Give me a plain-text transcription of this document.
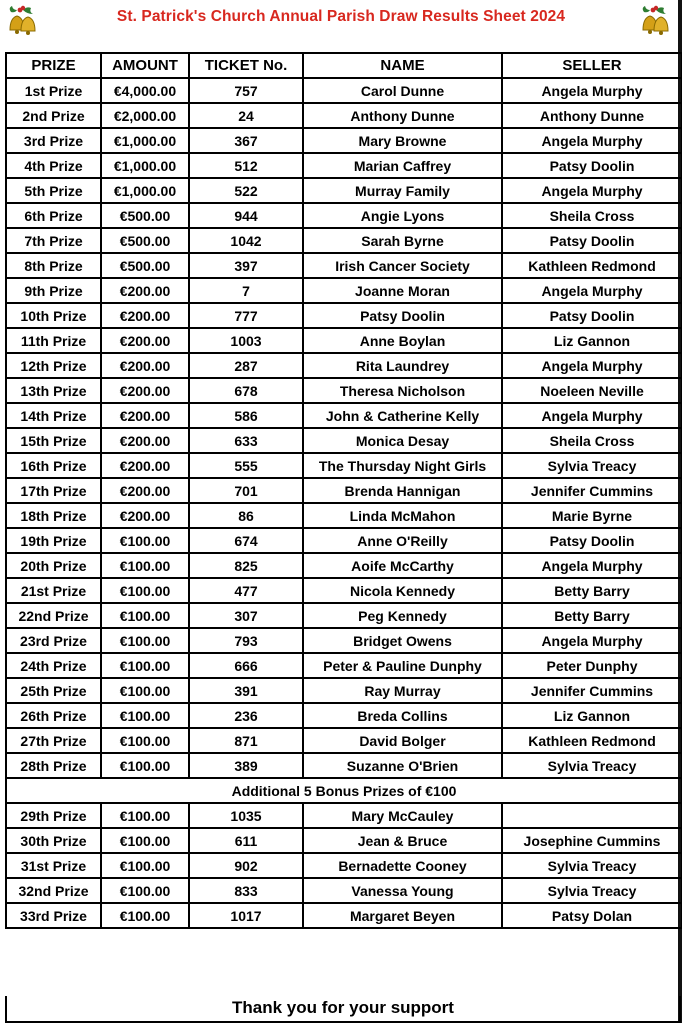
St. Patrick's Church Annual Parish Draw Results Sheet 2024
PRIZE	AMOUNT	TICKET No.	NAME	SELLER
1st Prize	€4,000.00	757	Carol Dunne	Angela Murphy
2nd Prize	€2,000.00	24	Anthony Dunne	Anthony Dunne
3rd Prize	€1,000.00	367	Mary Browne	Angela Murphy
4th Prize	€1,000.00	512	Marian Caffrey	Patsy Doolin
5th Prize	€1,000.00	522	Murray Family	Angela Murphy
6th Prize	€500.00	944	Angie Lyons	Sheila Cross
7th Prize	€500.00	1042	Sarah Byrne	Patsy Doolin
8th Prize	€500.00	397	Irish Cancer Society	Kathleen Redmond
9th Prize	€200.00	7	Joanne Moran	Angela Murphy
10th Prize	€200.00	777	Patsy Doolin	Patsy Doolin
11th Prize	€200.00	1003	Anne Boylan	Liz Gannon
12th Prize	€200.00	287	Rita Laundrey	Angela Murphy
13th Prize	€200.00	678	Theresa Nicholson	Noeleen Neville
14th Prize	€200.00	586	John & Catherine Kelly	Angela Murphy
15th Prize	€200.00	633	Monica Desay	Sheila Cross
16th Prize	€200.00	555	The Thursday Night Girls	Sylvia Treacy
17th Prize	€200.00	701	Brenda Hannigan	Jennifer Cummins
18th Prize	€200.00	86	Linda McMahon	Marie Byrne
19th Prize	€100.00	674	Anne O'Reilly	Patsy Doolin
20th Prize	€100.00	825	Aoife McCarthy	Angela Murphy
21st Prize	€100.00	477	Nicola Kennedy	Betty Barry
22nd Prize	€100.00	307	Peg Kennedy	Betty Barry
23rd Prize	€100.00	793	Bridget Owens	Angela Murphy
24th Prize	€100.00	666	Peter & Pauline Dunphy	Peter Dunphy
25th Prize	€100.00	391	Ray Murray	Jennifer Cummins
26th Prize	€100.00	236	Breda Collins	Liz Gannon
27th Prize	€100.00	871	David Bolger	Kathleen Redmond
28th Prize	€100.00	389	Suzanne O'Brien	Sylvia Treacy
Additional 5 Bonus Prizes of €100				
29th Prize	€100.00	1035	Mary McCauley	
30th Prize	€100.00	611	Jean & Bruce	Josephine Cummins
31st Prize	€100.00	902	Bernadette Cooney	Sylvia Treacy
32nd Prize	€100.00	833	Vanessa Young	Sylvia Treacy
33rd Prize	€100.00	1017	Margaret Beyen	Patsy Dolan
Thank you for your support
